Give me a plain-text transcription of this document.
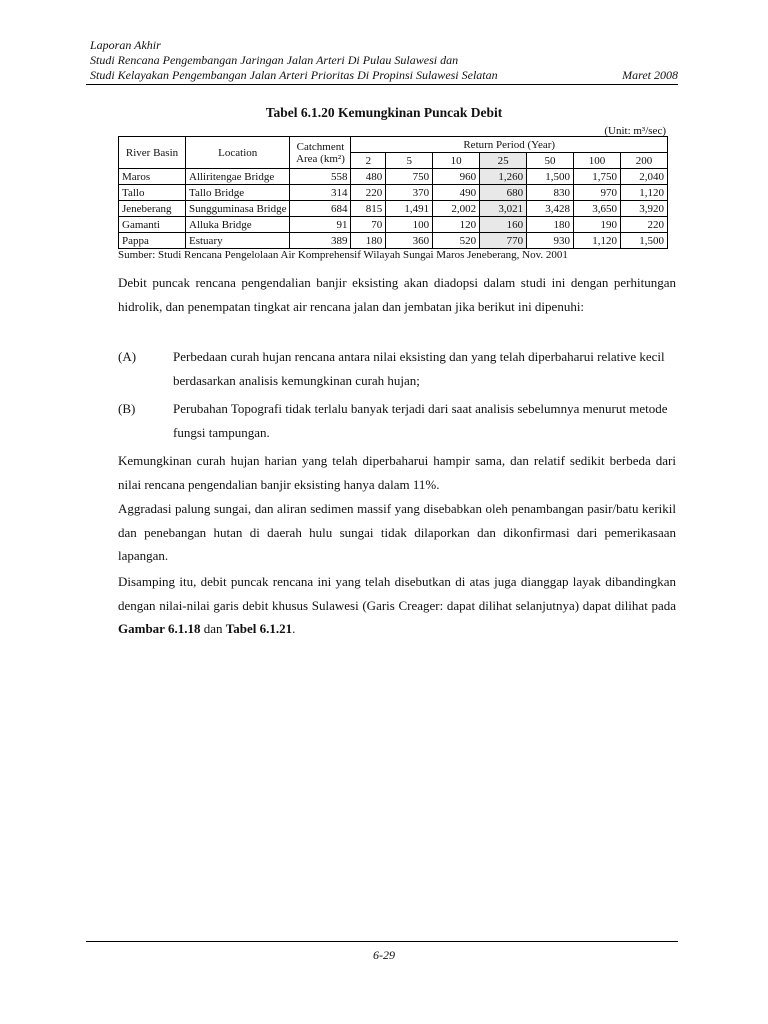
Laporan Akhir
Studi Rencana Pengembangan Jaringan Jalan Arteri Di Pulau Sulawesi dan
Studi Kelayakan Pengembangan Jalan Arteri Prioritas Di Propinsi Sulawesi Selatan	Maret 2008
Tabel 6.1.20 Kemungkinan Puncak Debit
(Unit: m³/sec)
River Basin	Location	Catchment
Area (km²)	Return Period (Year)						
			2	5	10	25	50	100	200
Maros	Alliritengae Bridge	558	480	750	960	1,260	1,500	1,750	2,040
Tallo	Tallo Bridge	314	220	370	490	680	830	970	1,120
Jeneberang	Sungguminasa Bridge	684	815	1,491	2,002	3,021	3,428	3,650	3,920
Gamanti	Alluka Bridge	91	70	100	120	160	180	190	220
Pappa	Estuary	389	180	360	520	770	930	1,120	1,500
Sumber: Studi Rencana Pengelolaan Air Komprehensif Wilayah Sungai Maros Jeneberang, Nov. 2001

Debit puncak rencana pengendalian banjir eksisting akan diadopsi dalam studi ini dengan perhitungan hidrolik, dan penempatan tingkat air rencana jalan dan jembatan jika berikut ini dipenuhi:

(A)	Perbedaan curah hujan rencana antara nilai eksisting dan yang telah diperbaharui relative kecil berdasarkan analisis kemungkinan curah hujan;
(B)	Perubahan Topografi tidak terlalu banyak terjadi dari saat analisis sebelumnya menurut metode fungsi tampungan.

Kemungkinan curah hujan harian yang telah diperbaharui hampir sama, dan relatif sedikit berbeda dari nilai rencana pengendalian banjir eksisting hanya dalam 11%.

Aggradasi palung sungai, dan aliran sedimen massif yang disebabkan oleh penambangan pasir/batu kerikil dan penebangan hutan di daerah hulu sungai tidak dilaporkan dan dikonfirmasi dari pemerikasaan lapangan.

Disamping itu, debit puncak rencana ini yang telah disebutkan di atas juga dianggap layak dibandingkan dengan nilai-nilai garis debit khusus Sulawesi (Garis Creager: dapat dilihat selanjutnya) dapat dilihat pada Gambar 6.1.18 dan Tabel 6.1.21.

6-29
